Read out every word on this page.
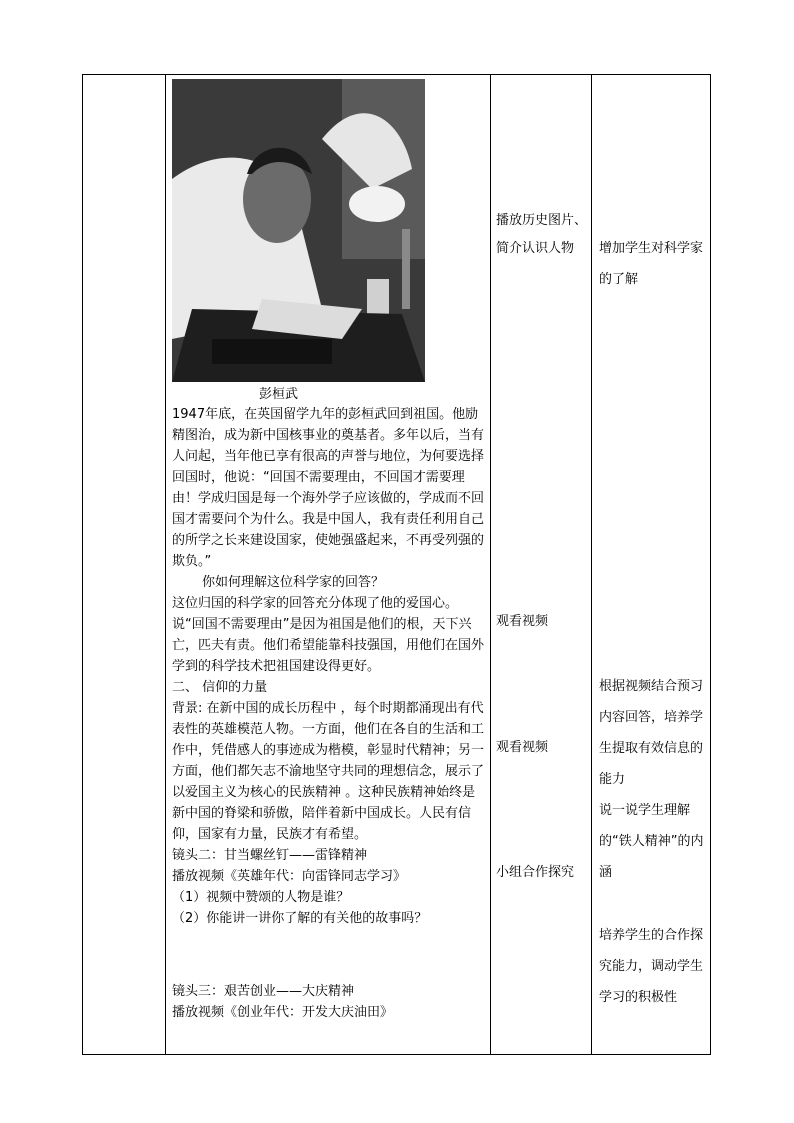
彭桓武

1947年底，在英国留学九年的彭桓武回到祖国。他励精图治，成为新中国核事业的奠基者。多年以后，当有人问起，当年他已享有很高的声誉与地位，为何要选择回国时，他说：“回国不需要理由，不回国才需要理由！学成归国是每一个海外学子应该做的，学成而不回国才需要问个为什么。我是中国人，我有责任利用自己的所学之长来建设国家，使她强盛起来，不再受列强的欺负。”

你如何理解这位科学家的回答？

这位归国的科学家的回答充分体现了他的爱国心。说“回国不需要理由”是因为祖国是他们的根，天下兴亡，匹夫有责。他们希望能靠科技强国，用他们在国外学到的科学技术把祖国建设得更好。

二、 信仰的力量

背景: 在新中国的成长历程中 ，每个时期都涌现出有代表性的英雄模范人物。一方面，他们在各自的生活和工作中，凭借感人的事迹成为楷模，彰显时代精神；另一方面，他们都矢志不渝地坚守共同的理想信念，展示了以爱国主义为核心的民族精神 。这种民族精神始终是新中国的脊梁和骄傲，陪伴着新中国成长。人民有信仰，国家有力量，民族才有希望。

镜头二：甘当螺丝钉——雷锋精神

播放视频《英雄年代：向雷锋同志学习》

（1）视频中赞颂的人物是谁？

（2）你能讲一讲你了解的有关他的故事吗？

镜头三：艰苦创业——大庆精神

播放视频《创业年代：开发大庆油田》

播放历史图片、简介认识人物
观看视频
观看视频
小组合作探究
增加学生对科学家的了解
根据视频结合预习内容回答，培养学生提取有效信息的能力
说一说学生理解的“铁人精神”的内涵
培养学生的合作探究能力，调动学生学习的积极性
